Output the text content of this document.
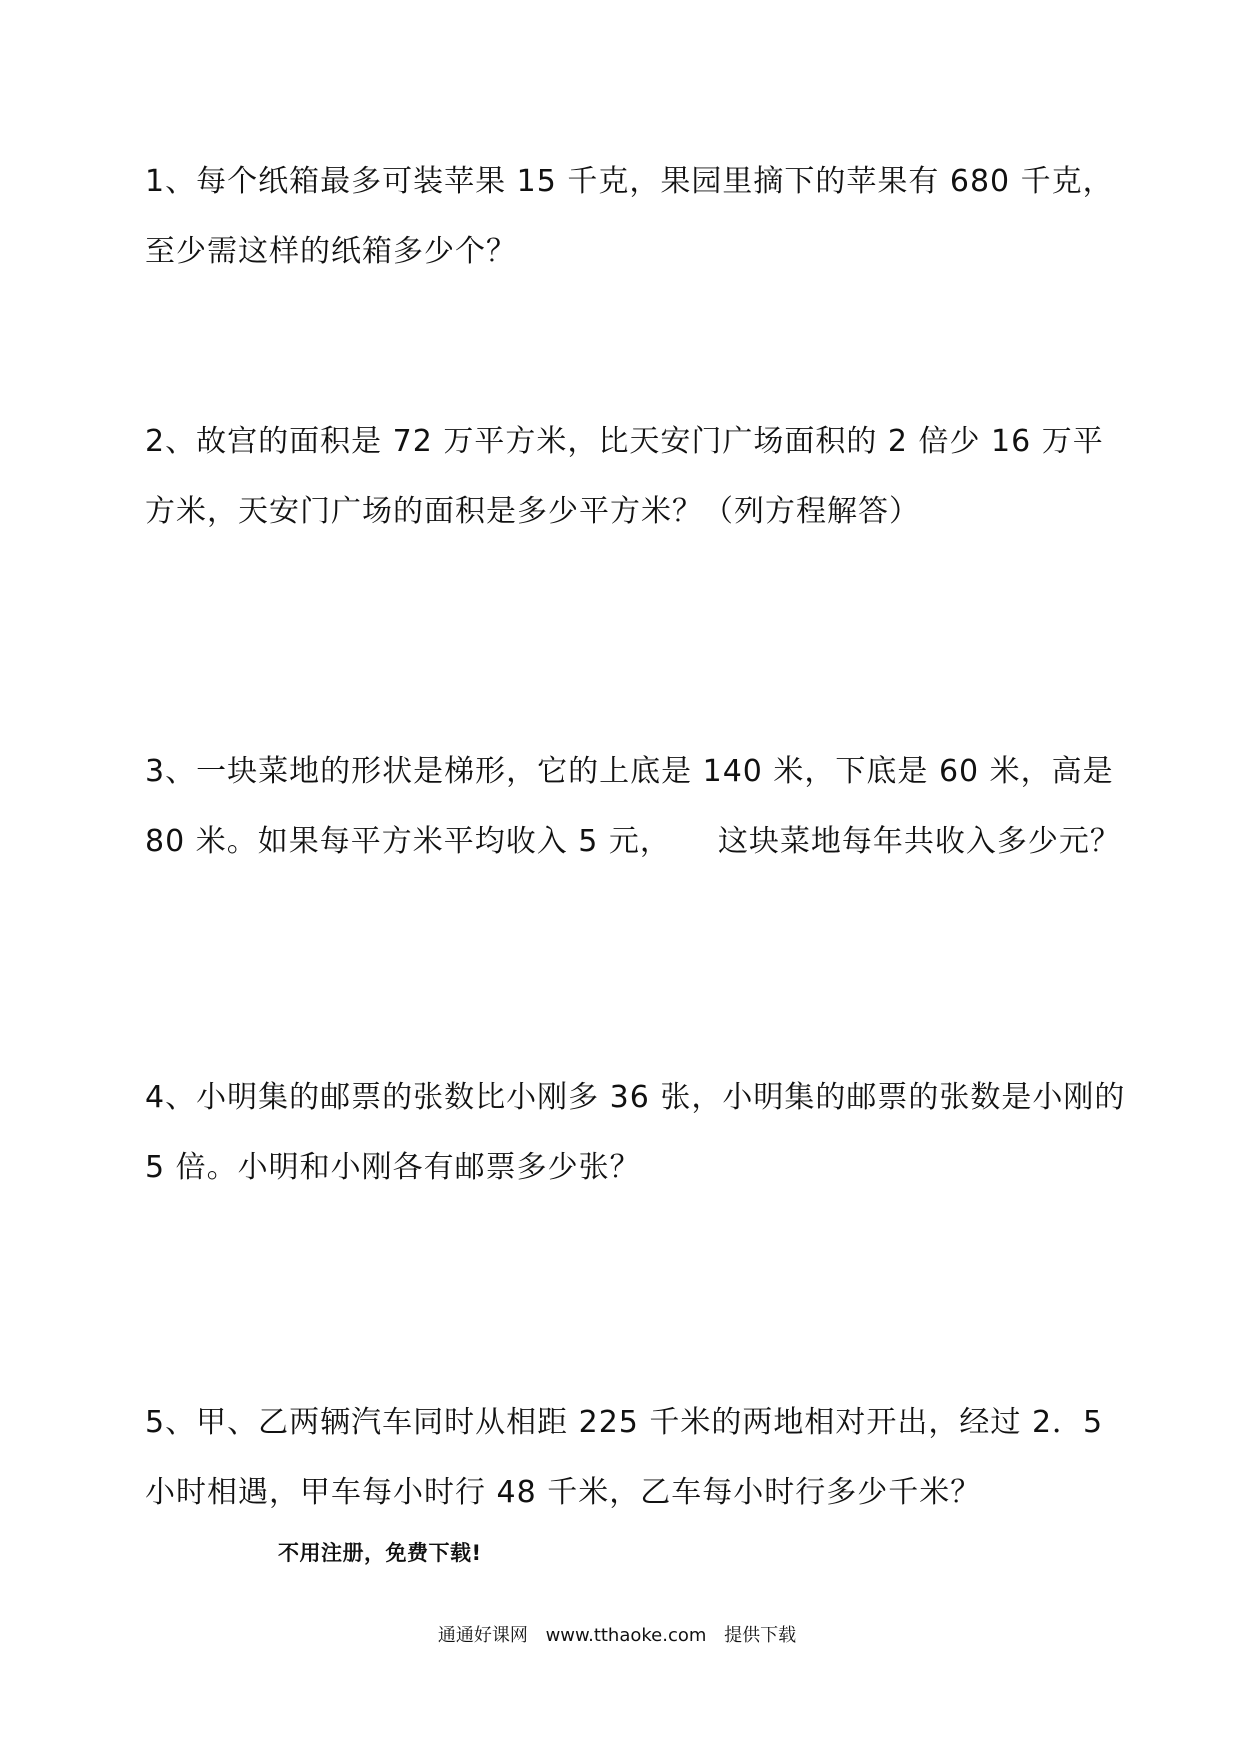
1、每个纸箱最多可装苹果 15 千克，果园里摘下的苹果有 680 千克，至少需这样的纸箱多少个？

2、故宫的面积是 72 万平方米，比天安门广场面积的 2 倍少 16 万平方米，天安门广场的面积是多少平方米？（列方程解答）

3、一块菜地的形状是梯形，它的上底是 140 米，下底是 60 米，高是 80 米。如果每平方米平均收入 5 元，　　这块菜地每年共收入多少元？

4、小明集的邮票的张数比小刚多 36 张，小明集的邮票的张数是小刚的 5 倍。小明和小刚各有邮票多少张？

5、甲、乙两辆汽车同时从相距 225 千米的两地相对开出，经过 2．5 小时相遇，甲车每小时行 48 千米，乙车每小时行多少千米？

不用注册，免费下载!

通通好课网 www.tthaoke.com 提供下载
